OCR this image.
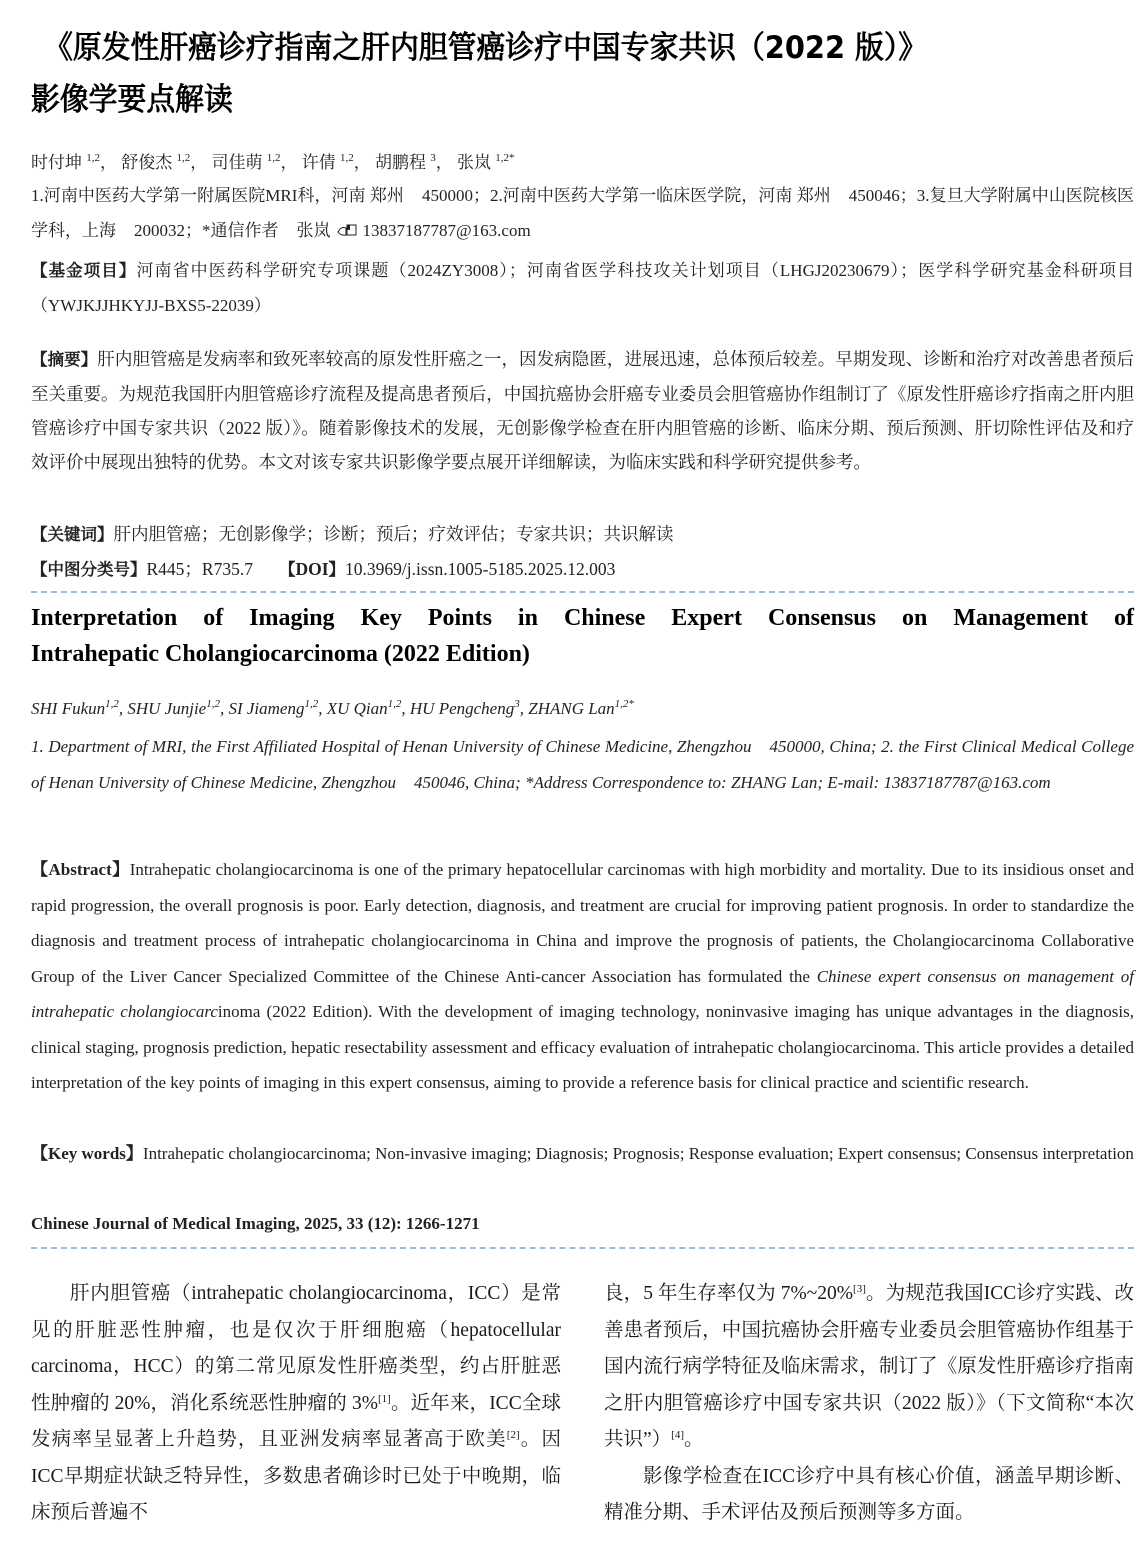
《原发性肝癌诊疗指南之肝内胆管癌诊疗中国专家共识（2022 版）》
影像学要点解读
时付坤 $^{1,2}$， 舒俊杰 $^{1,2}$， 司佳萌 $^{1,2}$， 许倩 $^{1,2}$， 胡鹏程 $^3$， 张岚 $^{1,2*}$
1.河南中医药大学第一附属医院MRI科，河南 郑州 450000；2.河南中医药大学第一临床医学院，河南 郑州 450046；3.复旦大学附属中山医院核医学科，上海 200032；*通信作者 张岚 13837187787@163.com
【基金项目】河南省中医药科学研究专项课题（2024ZY3008）；河南省医学科技攻关计划项目（LHGJ20230679）；医学科学研究基金科研项目（YWJKJJHKYJJ-BXS5-22039）
【摘要】肝内胆管癌是发病率和致死率较高的原发性肝癌之一，因发病隐匿，进展迅速，总体预后较差。早期发现、诊断和治疗对改善患者预后至关重要。为规范我国肝内胆管癌诊疗流程及提高患者预后，中国抗癌协会肝癌专业委员会胆管癌协作组制订了《原发性肝癌诊疗指南之肝内胆管癌诊疗中国专家共识（2022 版）》。随着影像技术的发展，无创影像学检查在肝内胆管癌的诊断、临床分期、预后预测、肝切除性评估及和疗效评价中展现出独特的优势。本文对该专家共识影像学要点展开详细解读，为临床实践和科学研究提供参考。
【关键词】肝内胆管癌；无创影像学；诊断；预后；疗效评估；专家共识；共识解读
【中图分类号】R445；R735.7 【DOI】10.3969/j.issn.1005-5185.2025.12.003
Interpretation of Imaging Key Points in Chinese Expert Consensus on Management of
Intrahepatic Cholangiocarcinoma (2022 Edition)
SHI Fukun$^{1,2}$, SHU Junjie$^{1,2}$, SI Jiameng$^{1,2}$, XU Qian$^{1,2}$, HU Pengcheng$^3$, ZHANG Lan$^{1,2*}$
1. Department of MRI, the First Affiliated Hospital of Henan University of Chinese Medicine, Zhengzhou 450000, China; 2. the First Clinical Medical College of Henan University of Chinese Medicine, Zhengzhou 450046, China; *Address Correspondence to: ZHANG Lan; E-mail: 13837187787@163.com
【Abstract】Intrahepatic cholangiocarcinoma is one of the primary hepatocellular carcinomas with high morbidity and mortality. Due to its insidious onset and rapid progression, the overall prognosis is poor. Early detection, diagnosis, and treatment are crucial for improving patient prognosis. In order to standardize the diagnosis and treatment process of intrahepatic cholangiocarcinoma in China and improve the prognosis of patients, the Cholangiocarcinoma Collaborative Group of the Liver Cancer Specialized Committee of the Chinese Anti-cancer Association has formulated the Chinese expert consensus on management of intrahepatic cholangiocarcinoma (2022 Edition). With the development of imaging technology, noninvasive imaging has unique advantages in the diagnosis, clinical staging, prognosis prediction, hepatic resectability assessment and efficacy evaluation of intrahepatic cholangiocarcinoma. This article provides a detailed interpretation of the key points of imaging in this expert consensus, aiming to provide a reference basis for clinical practice and scientific research.
【Key words】Intrahepatic cholangiocarcinoma; Non-invasive imaging; Diagnosis; Prognosis; Response evaluation; Expert consensus; Consensus interpretation
Chinese Journal of Medical Imaging, 2025, 33 (12): 1266-1271

肝内胆管癌（intrahepatic cholangiocarcinoma，ICC）是常见的肝脏恶性肿瘤，也是仅次于肝细胞癌（hepatocellular carcinoma，HCC）的第二常见原发性肝癌类型，约占肝脏恶性肿瘤的 20%，消化系统恶性肿瘤的 3%[1]。近年来，ICC全球发病率呈显著上升趋势，且亚洲发病率显著高于欧美[2]。因ICC早期症状缺乏特异性，多数患者确诊时已处于中晚期，临床预后普遍不

良，5 年生存率仅为 7%~20%[3]。为规范我国ICC诊疗实践、改善患者预后，中国抗癌协会肝癌专业委员会胆管癌协作组基于国内流行病学特征及临床需求，制订了《原发性肝癌诊疗指南之肝内胆管癌诊疗中国专家共识（2022 版）》（下文简称“本次共识”）[4]。

影像学检查在ICC诊疗中具有核心价值，涵盖早期诊断、精准分期、手术评估及预后预测等多方面。
